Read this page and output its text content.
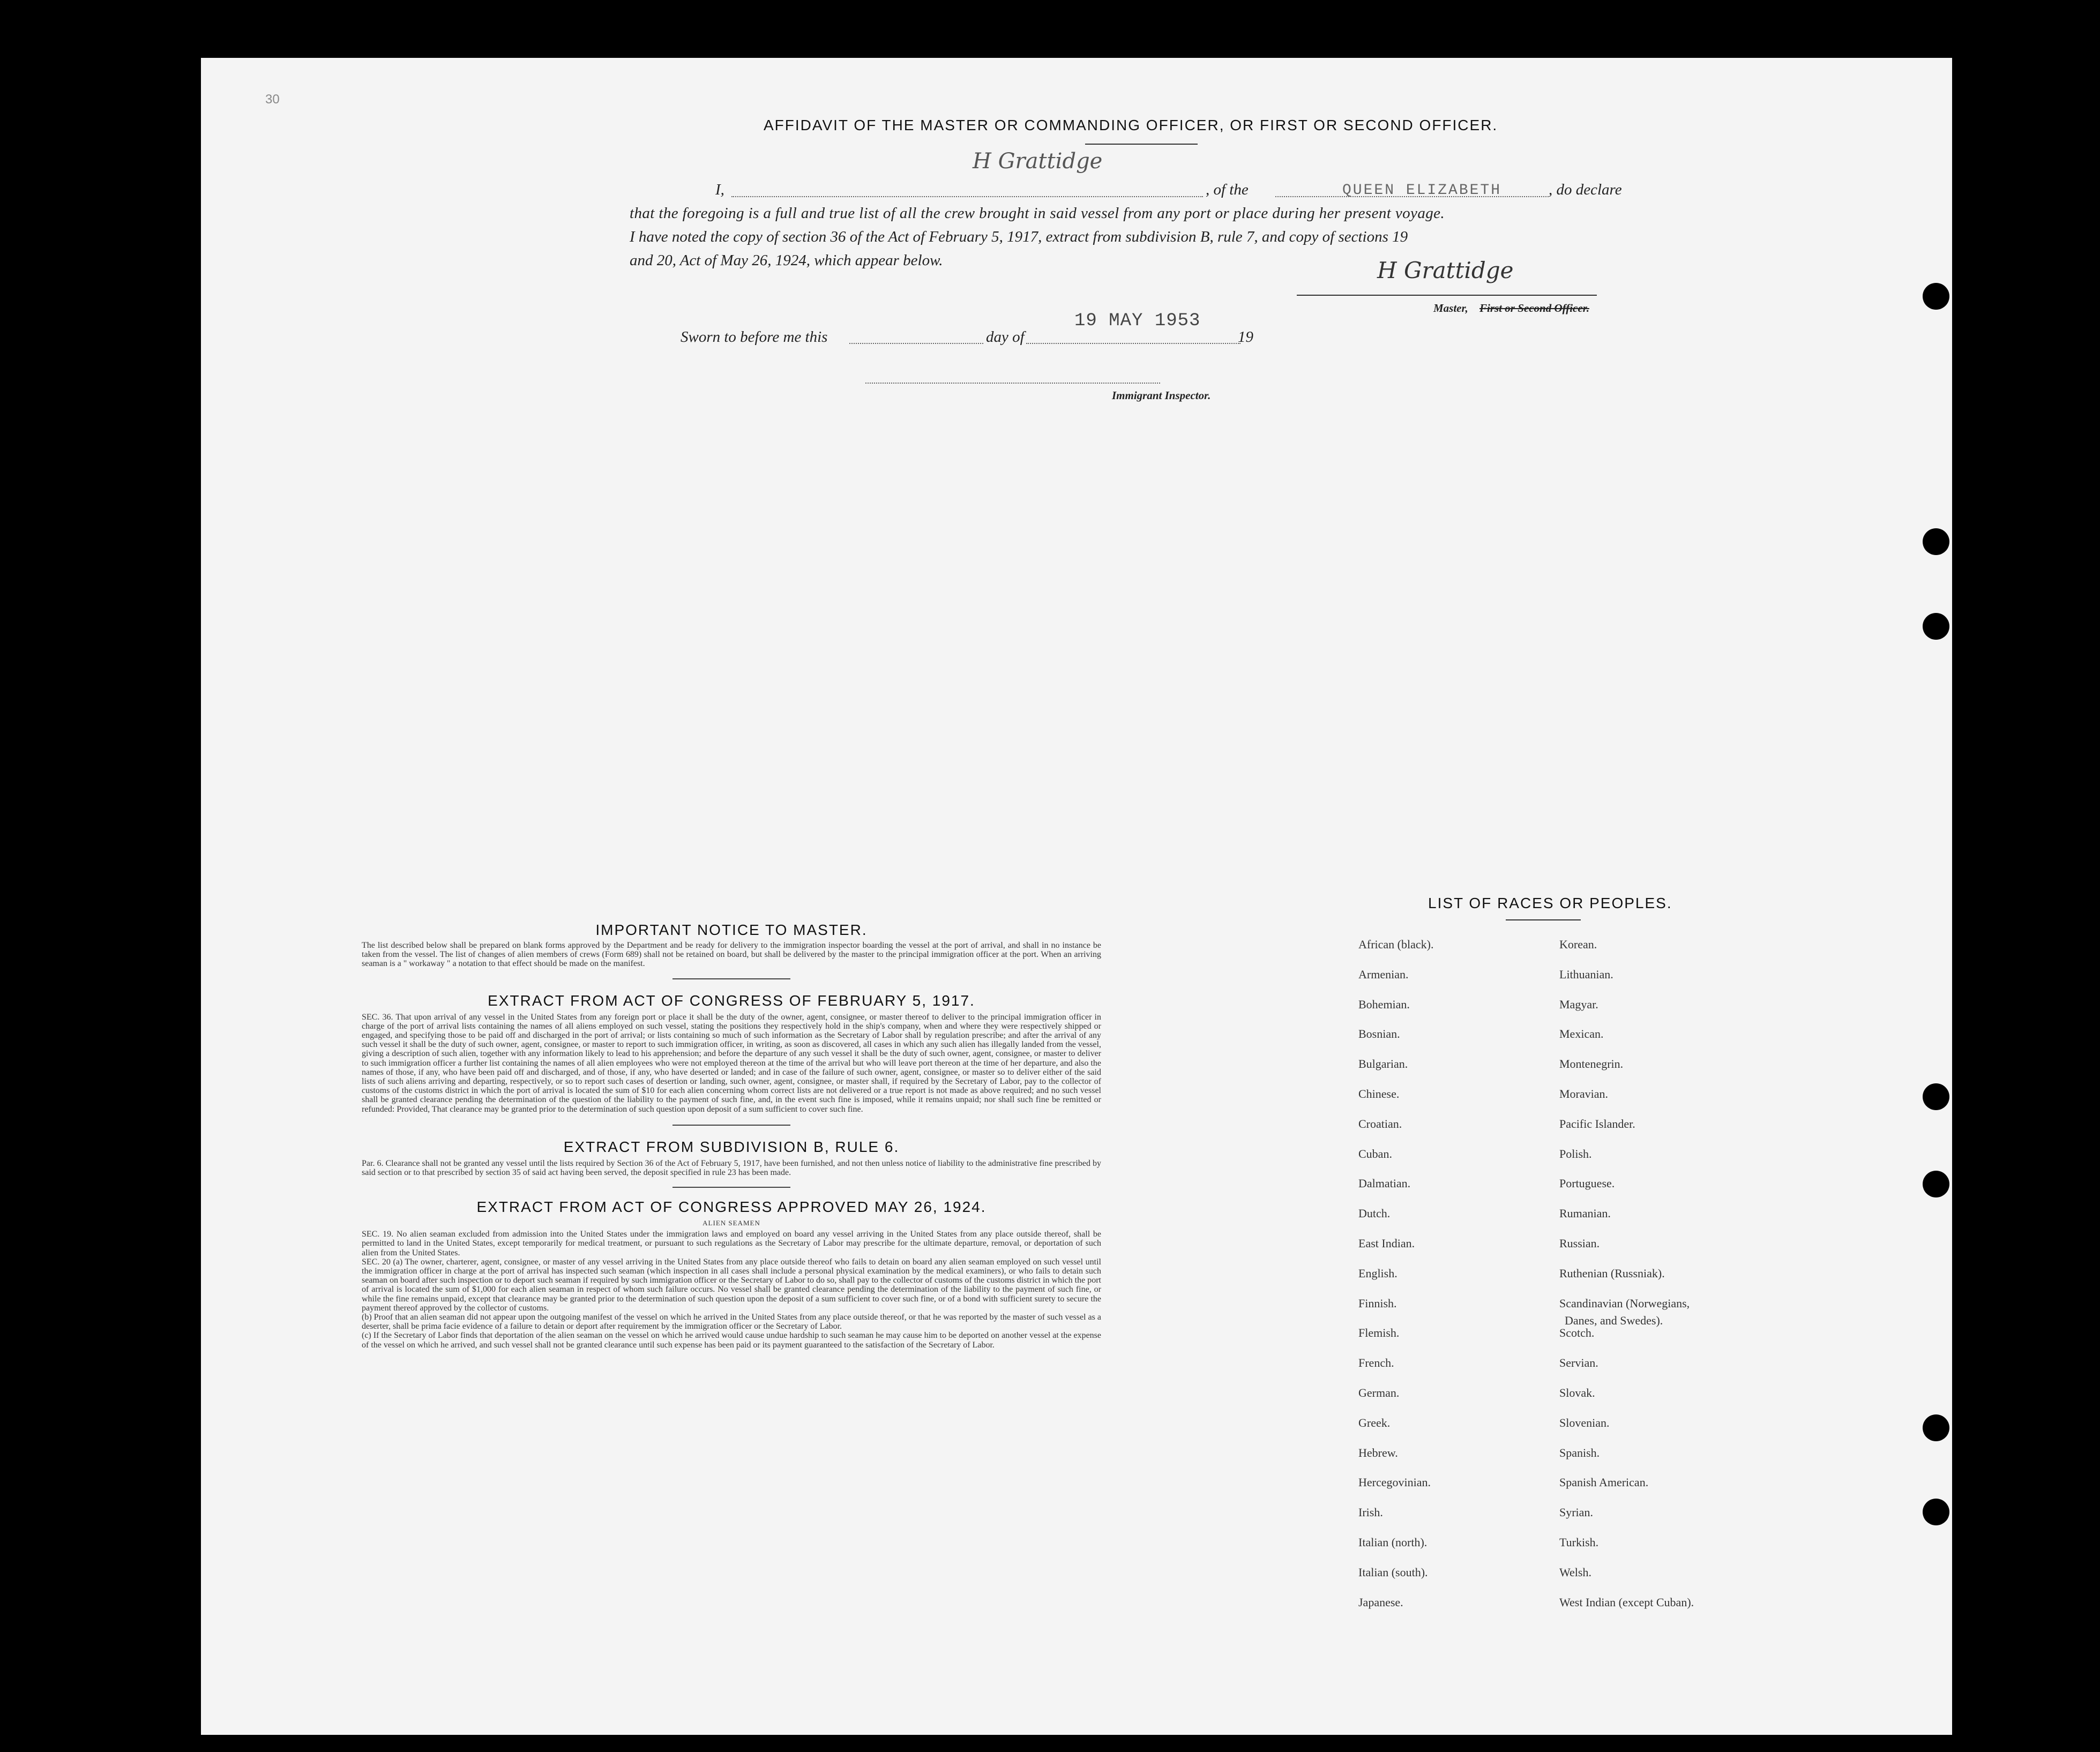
30
AFFIDAVIT OF THE MASTER OR COMMANDING OFFICER, OR FIRST OR SECOND OFFICER.
H Grattidge
I,	, of the	QUEEN ELIZABETH	, do declare
that the foregoing is a full and true list of all the crew brought in said vessel from any port or place during her present voyage.
I have noted the copy of section 36 of the Act of February 5, 1917, extract from subdivision B, rule 7, and copy of sections 19
and 20, Act of May 26, 1924, which appear below.	H Grattidge
Master, First or Second Officer.
Sworn to before me this	day of
19 MAY 1953
19
Immigrant Inspector.
IMPORTANT NOTICE TO MASTER.
The list described below shall be prepared on blank forms approved by the Department and be ready for delivery to the immigration inspector boarding the vessel at the port of arrival, and shall in no instance be taken from the vessel. The list of changes of alien members of crews (Form 689) shall not be retained on board, but shall be delivered by the master to the principal immigration officer at the port. When an arriving seaman is a " workaway " a notation to that effect should be made on the manifest.
EXTRACT FROM ACT OF CONGRESS OF FEBRUARY 5, 1917.
SEC. 36. That upon arrival of any vessel in the United States from any foreign port or place it shall be the duty of the owner, agent, consignee, or master thereof to deliver to the principal immigration officer in charge of the port of arrival lists containing the names of all aliens employed on such vessel, stating the positions they respectively hold in the ship's company, when and where they were respectively shipped or engaged, and specifying those to be paid off and discharged in the port of arrival; or lists containing so much of such information as the Secretary of Labor shall by regulation prescribe; and after the arrival of any such vessel it shall be the duty of such owner, agent, consignee, or master to report to such immigration officer, in writing, as soon as discovered, all cases in which any such alien has illegally landed from the vessel, giving a description of such alien, together with any information likely to lead to his apprehension; and before the departure of any such vessel it shall be the duty of such owner, agent, consignee, or master to deliver to such immigration officer a further list containing the names of all alien employees who were not employed thereon at the time of the arrival but who will leave port thereon at the time of her departure, and also the names of those, if any, who have been paid off and discharged, and of those, if any, who have deserted or landed; and in case of the failure of such owner, agent, consignee, or master so to deliver either of the said lists of such aliens arriving and departing, respectively, or so to report such cases of desertion or landing, such owner, agent, consignee, or master shall, if required by the Secretary of Labor, pay to the collector of customs of the customs district in which the port of arrival is located the sum of $10 for each alien concerning whom correct lists are not delivered or a true report is not made as above required; and no such vessel shall be granted clearance pending the determination of the question of the liability to the payment of such fine, and, in the event such fine is imposed, while it remains unpaid; nor shall such fine be remitted or refunded: Provided, That clearance may be granted prior to the determination of such question upon deposit of a sum sufficient to cover such fine.
EXTRACT FROM SUBDIVISION B, RULE 6.
Par. 6. Clearance shall not be granted any vessel until the lists required by Section 36 of the Act of February 5, 1917, have been furnished, and not then unless notice of liability to the administrative fine prescribed by said section or to that prescribed by section 35 of said act having been served, the deposit specified in rule 23 has been made.
EXTRACT FROM ACT OF CONGRESS APPROVED MAY 26, 1924.
ALIEN SEAMEN
SEC. 19. No alien seaman excluded from admission into the United States under the immigration laws and employed on board any vessel arriving in the United States from any place outside thereof, shall be permitted to land in the United States, except temporarily for medical treatment, or pursuant to such regulations as the Secretary of Labor may prescribe for the ultimate departure, removal, or deportation of such alien from the United States.
SEC. 20 (a) The owner, charterer, agent, consignee, or master of any vessel arriving in the United States from any place outside thereof who fails to detain on board any alien seaman employed on such vessel until the immigration officer in charge at the port of arrival has inspected such seaman (which inspection in all cases shall include a personal physical examination by the medical examiners), or who fails to detain such seaman on board after such inspection or to deport such seaman if required by such immigration officer or the Secretary of Labor to do so, shall pay to the collector of customs of the customs district in which the port of arrival is located the sum of $1,000 for each alien seaman in respect of whom such failure occurs. No vessel shall be granted clearance pending the determination of the liability to the payment of such fine, or while the fine remains unpaid, except that clearance may be granted prior to the determination of such question upon the deposit of a sum sufficient to cover such fine, or of a bond with sufficient surety to secure the payment thereof approved by the collector of customs.
(b) Proof that an alien seaman did not appear upon the outgoing manifest of the vessel on which he arrived in the United States from any place outside thereof, or that he was reported by the master of such vessel as a deserter, shall be prima facie evidence of a failure to detain or deport after requirement by the immigration officer or the Secretary of Labor.
(c) If the Secretary of Labor finds that deportation of the alien seaman on the vessel on which he arrived would cause undue hardship to such seaman he may cause him to be deported on another vessel at the expense of the vessel on which he arrived, and such vessel shall not be granted clearance until such expense has been paid or its payment guaranteed to the satisfaction of the Secretary of Labor.
LIST OF RACES OR PEOPLES.
African (black).
Armenian.
Bohemian.
Bosnian.
Bulgarian.
Chinese.
Croatian.
Cuban.
Dalmatian.
Dutch.
East Indian.
English.
Finnish.
Flemish.
French.
German.
Greek.
Hebrew.
Hercegovinian.
Irish.
Italian (north).
Italian (south).
Japanese.
Korean.
Lithuanian.
Magyar.
Mexican.
Montenegrin.
Moravian.
Pacific Islander.
Polish.
Portuguese.
Rumanian.
Russian.
Ruthenian (Russniak).
Scandinavian (Norwegians,
Scotch.
Servian.
Slovak.
Slovenian.
Spanish.
Spanish American.
Syrian.
Turkish.
Welsh.
West Indian (except Cuban).
Danes, and Swedes).
